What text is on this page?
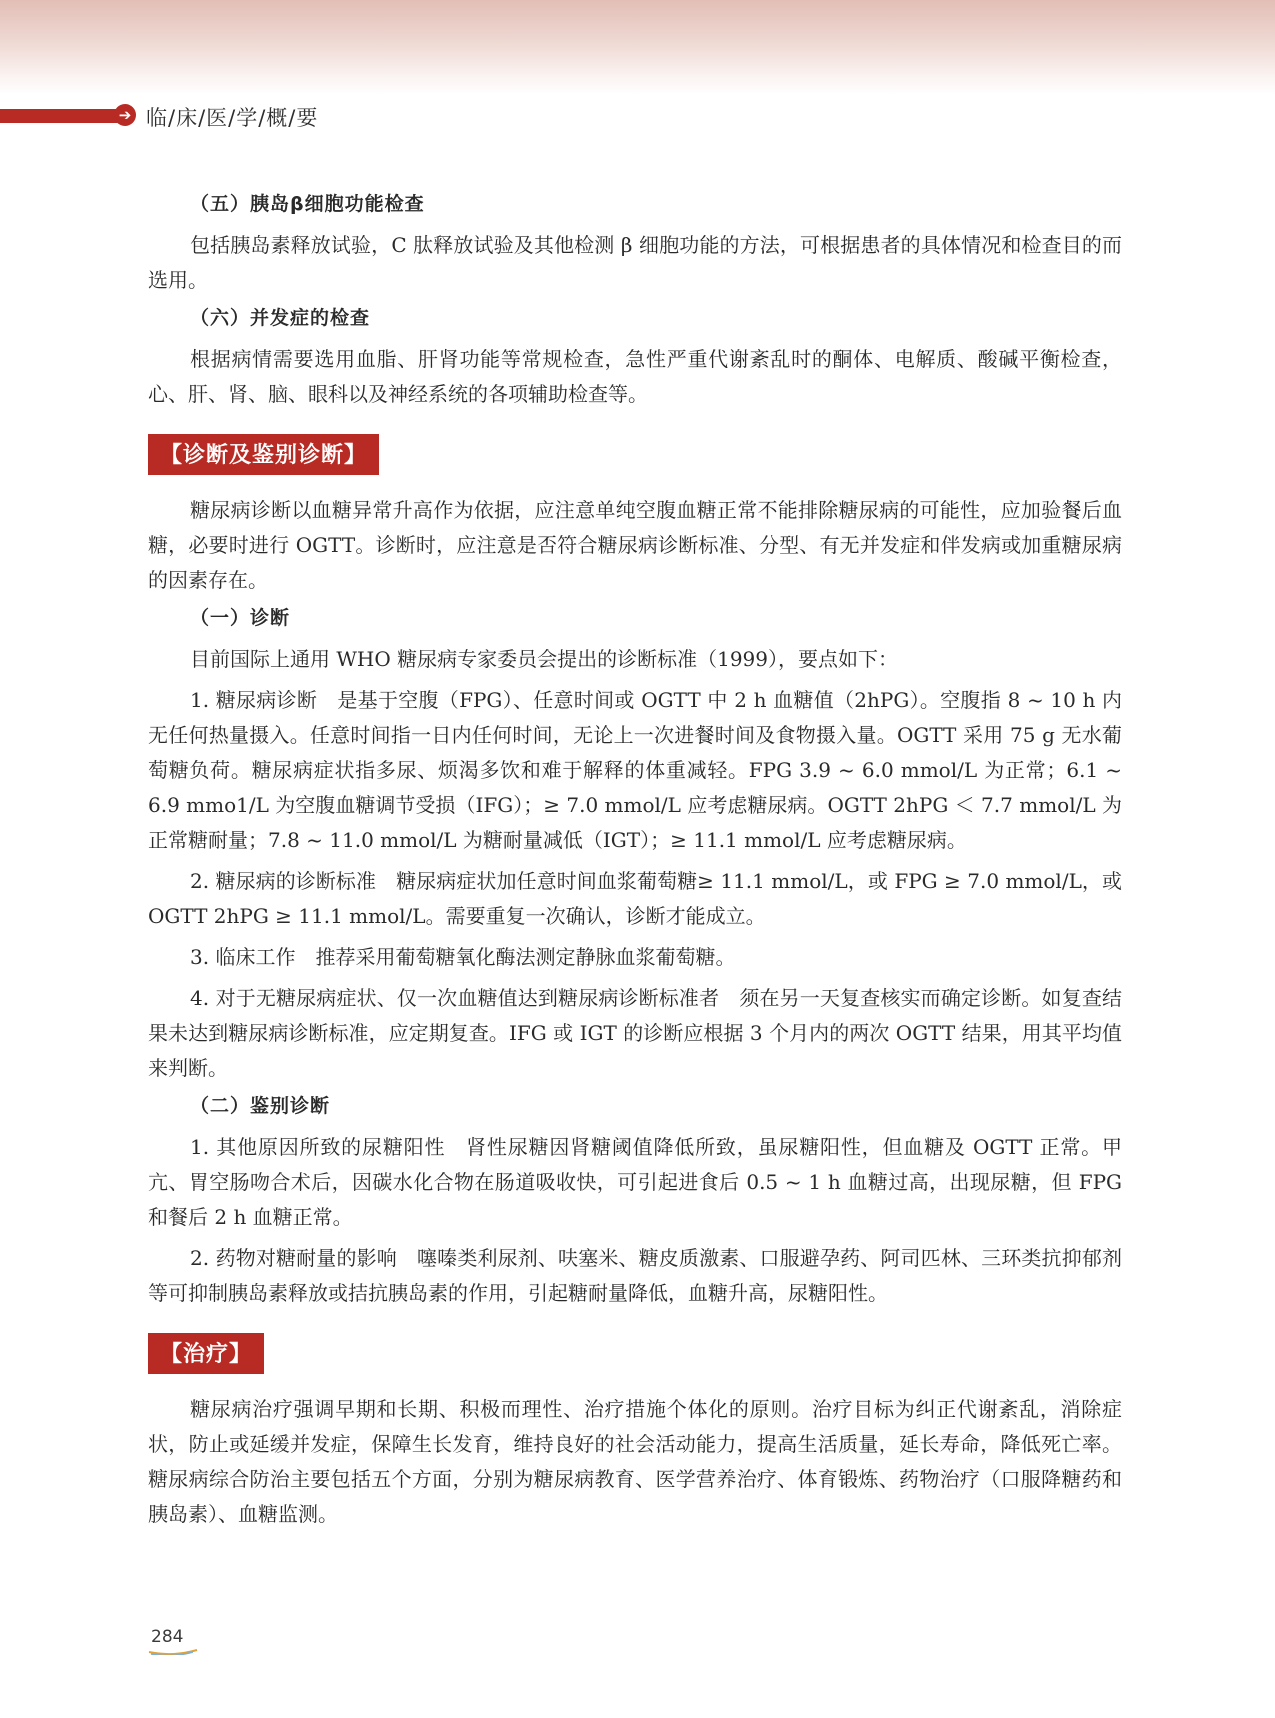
➔ 临/床/医/学/概/要
（五）胰岛β细胞功能检查

包括胰岛素释放试验，C 肽释放试验及其他检测 β 细胞功能的方法，可根据患者的具体情况和检查目的而选用。

（六）并发症的检查

根据病情需要选用血脂、肝肾功能等常规检查，急性严重代谢紊乱时的酮体、电解质、酸碱平衡检查，心、肝、肾、脑、眼科以及神经系统的各项辅助检查等。

【诊断及鉴别诊断】

糖尿病诊断以血糖异常升高作为依据，应注意单纯空腹血糖正常不能排除糖尿病的可能性，应加验餐后血糖，必要时进行 OGTT。诊断时，应注意是否符合糖尿病诊断标准、分型、有无并发症和伴发病或加重糖尿病的因素存在。

（一）诊断

目前国际上通用 WHO 糖尿病专家委员会提出的诊断标准（1999），要点如下：

1. 糖尿病诊断　是基于空腹（FPG）、任意时间或 OGTT 中 2 h 血糖值（2hPG）。空腹指 8 ~ 10 h 内无任何热量摄入。任意时间指一日内任何时间，无论上一次进餐时间及食物摄入量。OGTT 采用 75 g 无水葡萄糖负荷。糖尿病症状指多尿、烦渴多饮和难于解释的体重减轻。FPG 3.9 ~ 6.0 mmol/L 为正常；6.1 ~ 6.9 mmo1/L 为空腹血糖调节受损（IFG）；≥ 7.0 mmol/L 应考虑糖尿病。OGTT 2hPG ＜ 7.7 mmol/L 为正常糖耐量；7.8 ~ 11.0 mmol/L 为糖耐量减低（IGT）；≥ 11.1 mmol/L 应考虑糖尿病。

2. 糖尿病的诊断标准　糖尿病症状加任意时间血浆葡萄糖≥ 11.1 mmol/L，或 FPG ≥ 7.0 mmol/L，或 OGTT 2hPG ≥ 11.1 mmol/L。需要重复一次确认，诊断才能成立。

3. 临床工作　推荐采用葡萄糖氧化酶法测定静脉血浆葡萄糖。

4. 对于无糖尿病症状、仅一次血糖值达到糖尿病诊断标准者　须在另一天复查核实而确定诊断。如复查结果未达到糖尿病诊断标准，应定期复查。IFG 或 IGT 的诊断应根据 3 个月内的两次 OGTT 结果，用其平均值来判断。

（二）鉴别诊断

1. 其他原因所致的尿糖阳性　肾性尿糖因肾糖阈值降低所致，虽尿糖阳性，但血糖及 OGTT 正常。甲亢、胃空肠吻合术后，因碳水化合物在肠道吸收快，可引起进食后 0.5 ~ 1 h 血糖过高，出现尿糖，但 FPG 和餐后 2 h 血糖正常。

2. 药物对糖耐量的影响　噻嗪类利尿剂、呋塞米、糖皮质激素、口服避孕药、阿司匹林、三环类抗抑郁剂等可抑制胰岛素释放或拮抗胰岛素的作用，引起糖耐量降低，血糖升高，尿糖阳性。

【治疗】

糖尿病治疗强调早期和长期、积极而理性、治疗措施个体化的原则。治疗目标为纠正代谢紊乱，消除症状，防止或延缓并发症，保障生长发育，维持良好的社会活动能力，提高生活质量，延长寿命，降低死亡率。糖尿病综合防治主要包括五个方面，分别为糖尿病教育、医学营养治疗、体育锻炼、药物治疗（口服降糖药和胰岛素）、血糖监测。

284
